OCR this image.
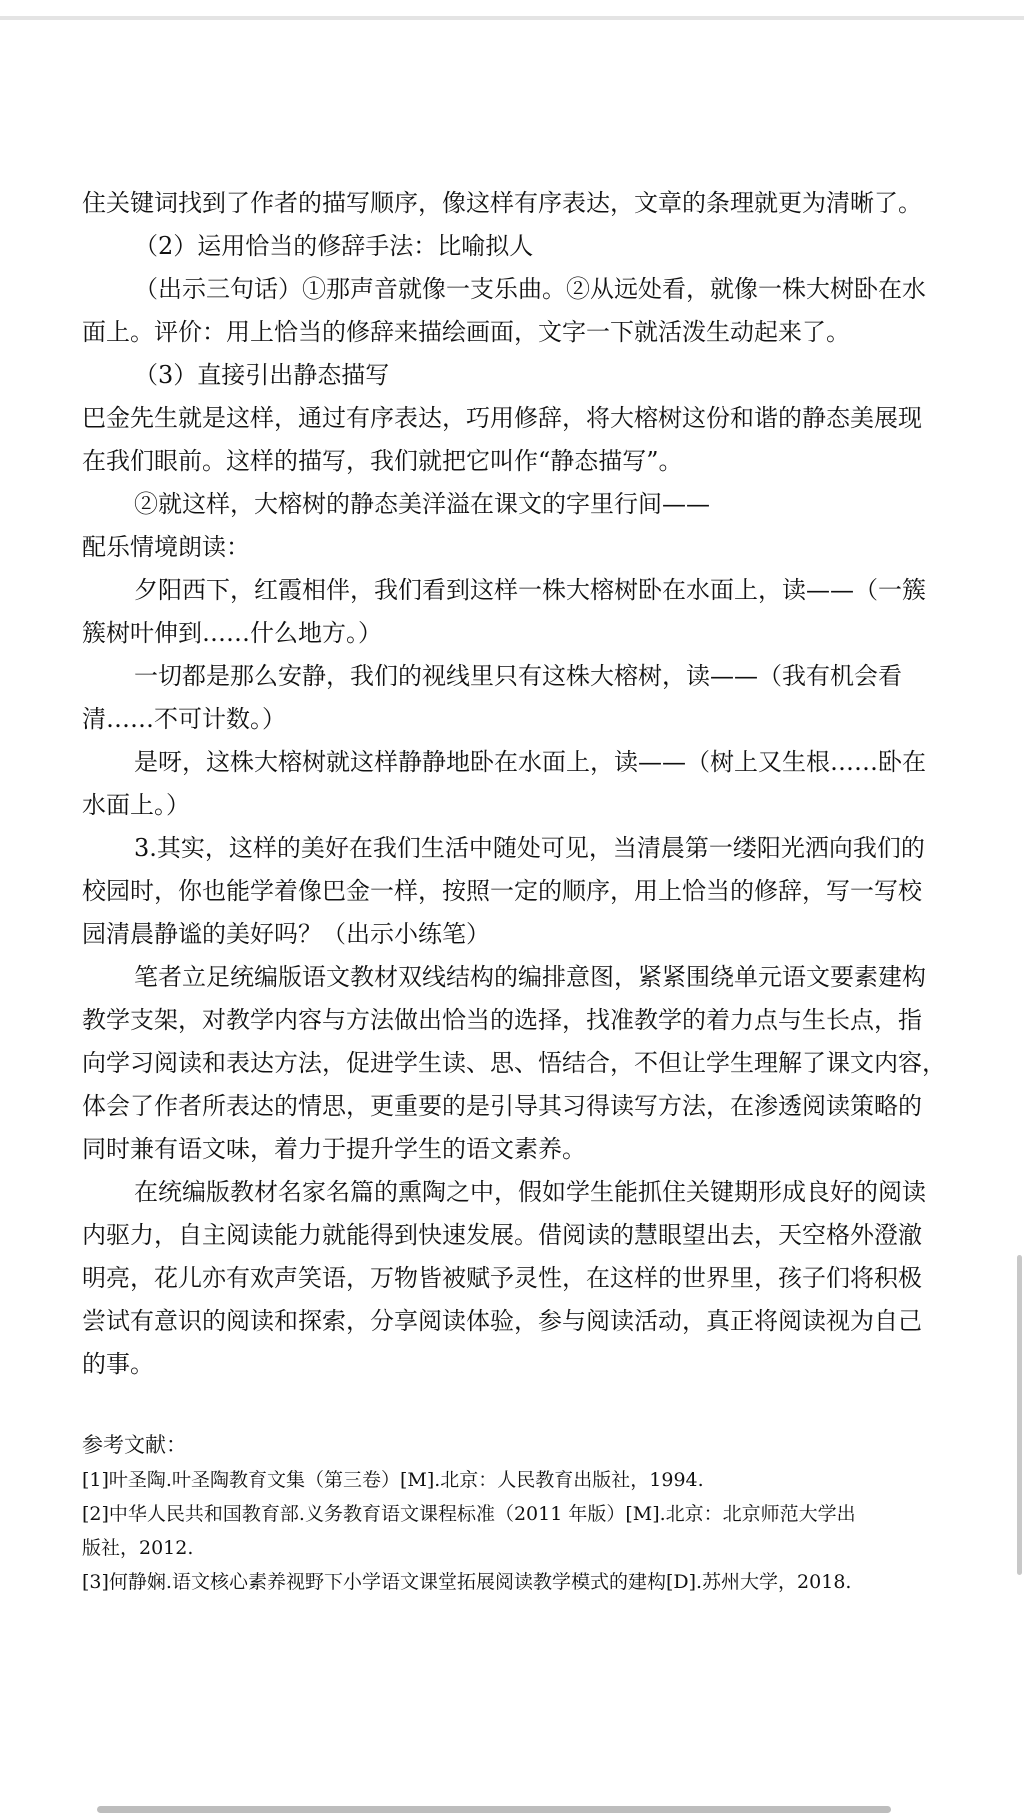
住关键词找到了作者的描写顺序，像这样有序表达，文章的条理就更为清晰了。
（2）运用恰当的修辞手法：比喻拟人
（出示三句话）①那声音就像一支乐曲。②从远处看，就像一株大树卧在水
面上。评价：用上恰当的修辞来描绘画面，文字一下就活泼生动起来了。
（3）直接引出静态描写
巴金先生就是这样，通过有序表达，巧用修辞，将大榕树这份和谐的静态美展现
在我们眼前。这样的描写，我们就把它叫作“静态描写”。
②就这样，大榕树的静态美洋溢在课文的字里行间——
配乐情境朗读：
夕阳西下，红霞相伴，我们看到这样一株大榕树卧在水面上，读——（一簇
簇树叶伸到……什么地方。）
一切都是那么安静，我们的视线里只有这株大榕树，读——（我有机会看
清……不可计数。）
是呀，这株大榕树就这样静静地卧在水面上，读——（树上又生根……卧在
水面上。）
3.其实，这样的美好在我们生活中随处可见，当清晨第一缕阳光洒向我们的
校园时，你也能学着像巴金一样，按照一定的顺序，用上恰当的修辞，写一写校
园清晨静谧的美好吗？（出示小练笔）
笔者立足统编版语文教材双线结构的编排意图，紧紧围绕单元语文要素建构
教学支架，对教学内容与方法做出恰当的选择，找准教学的着力点与生长点，指
向学习阅读和表达方法，促进学生读、思、悟结合，不但让学生理解了课文内容，
体会了作者所表达的情思，更重要的是引导其习得读写方法，在渗透阅读策略的
同时兼有语文味，着力于提升学生的语文素养。
在统编版教材名家名篇的熏陶之中，假如学生能抓住关键期形成良好的阅读
内驱力，自主阅读能力就能得到快速发展。借阅读的慧眼望出去，天空格外澄澈
明亮，花儿亦有欢声笑语，万物皆被赋予灵性，在这样的世界里，孩子们将积极
尝试有意识的阅读和探索，分享阅读体验，参与阅读活动，真正将阅读视为自己
的事。
参考文献：
[1]叶圣陶.叶圣陶教育文集（第三卷）[M].北京：人民教育出版社，1994.
[2]中华人民共和国教育部.义务教育语文课程标准（2011 年版）[M].北京：北京师范大学出
版社，2012.
[3]何静娴.语文核心素养视野下小学语文课堂拓展阅读教学模式的建构[D].苏州大学，2018.
